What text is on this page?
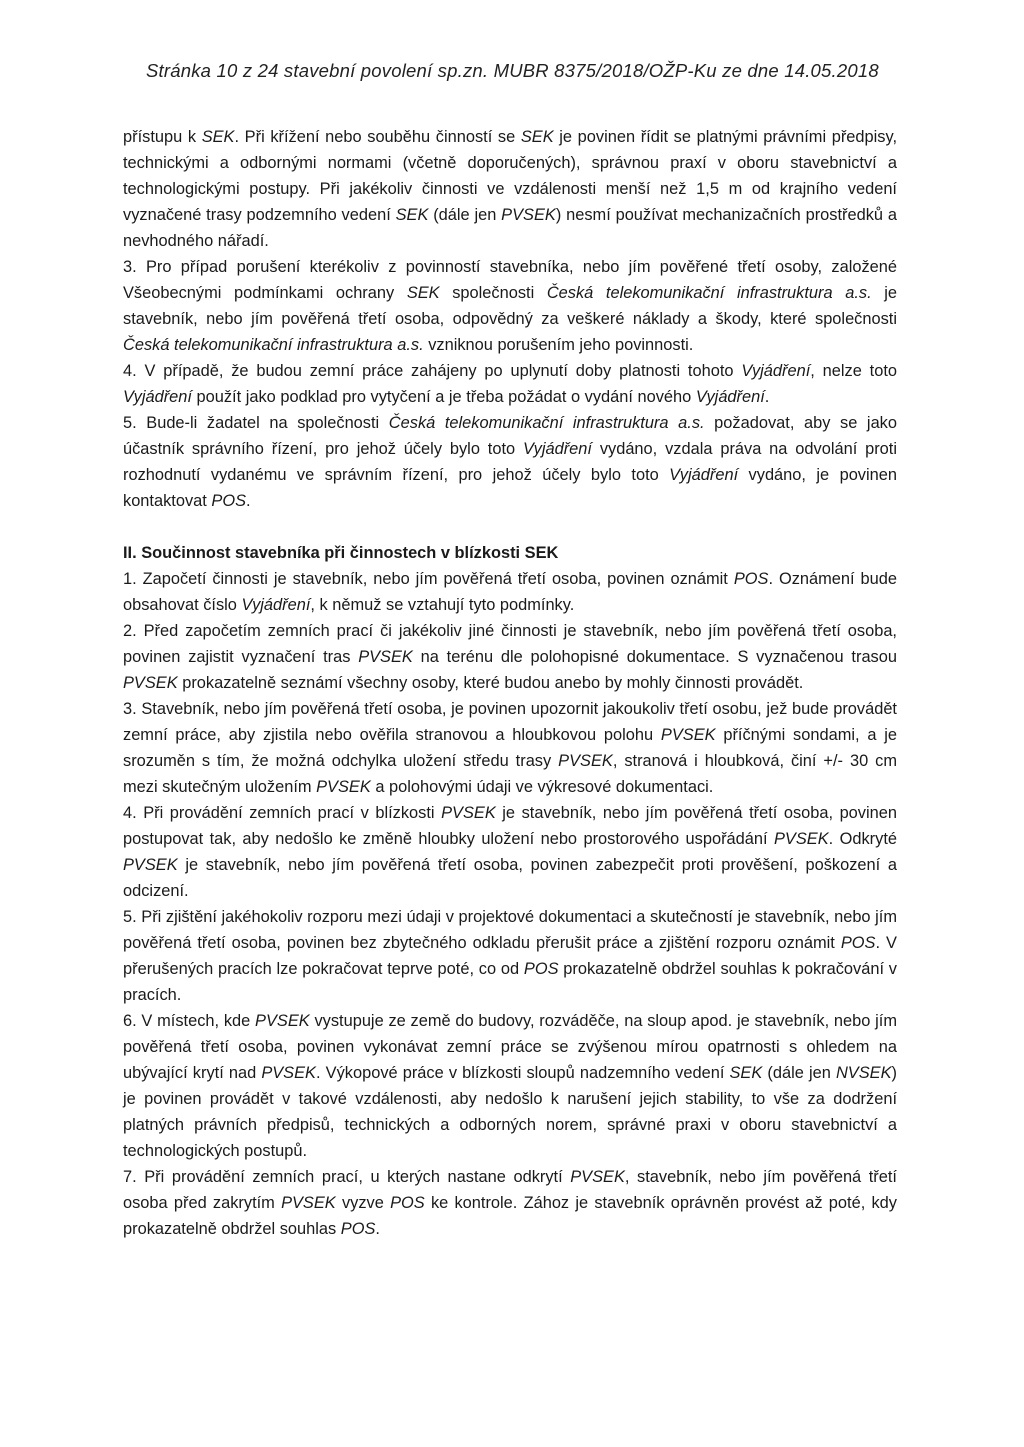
Stránka 10 z 24 stavební povolení sp.zn. MUBR 8375/2018/OŽP-Ku ze dne 14.05.2018

přístupu k SEK. Při křížení nebo souběhu činností se SEK je povinen řídit se platnými právními předpisy, technickými a odbornými normami (včetně doporučených), správnou praxí v oboru stavebnictví a technologickými postupy. Při jakékoliv činnosti ve vzdálenosti menší než 1,5 m od krajního vedení vyznačené trasy podzemního vedení SEK (dále jen PVSEK) nesmí používat mechanizačních prostředků a nevhodného nářadí.

3. Pro případ porušení kterékoliv z povinností stavebníka, nebo jím pověřené třetí osoby, založené Všeobecnými podmínkami ochrany SEK společnosti Česká telekomunikační infrastruktura a.s. je stavebník, nebo jím pověřená třetí osoba, odpovědný za veškeré náklady a škody, které společnosti Česká telekomunikační infrastruktura a.s. vzniknou porušením jeho povinnosti.

4. V případě, že budou zemní práce zahájeny po uplynutí doby platnosti tohoto Vyjádření, nelze toto Vyjádření použít jako podklad pro vytyčení a je třeba požádat o vydání nového Vyjádření.

5. Bude-li žadatel na společnosti Česká telekomunikační infrastruktura a.s. požadovat, aby se jako účastník správního řízení, pro jehož účely bylo toto Vyjádření vydáno, vzdala práva na odvolání proti rozhodnutí vydanému ve správním řízení, pro jehož účely bylo toto Vyjádření vydáno, je povinen kontaktovat POS.

II. Součinnost stavebníka při činnostech v blízkosti SEK

1. Započetí činnosti je stavebník, nebo jím pověřená třetí osoba, povinen oznámit POS. Oznámení bude obsahovat číslo Vyjádření, k němuž se vztahují tyto podmínky.

2. Před započetím zemních prací či jakékoliv jiné činnosti je stavebník, nebo jím pověřená třetí osoba, povinen zajistit vyznačení tras PVSEK na terénu dle polohopisné dokumentace. S vyznačenou trasou PVSEK prokazatelně seznámí všechny osoby, které budou anebo by mohly činnosti provádět.

3. Stavebník, nebo jím pověřená třetí osoba, je povinen upozornit jakoukoliv třetí osobu, jež bude provádět zemní práce, aby zjistila nebo ověřila stranovou a hloubkovou polohu PVSEK příčnými sondami, a je srozuměn s tím, že možná odchylka uložení středu trasy PVSEK, stranová i hloubková, činí +/- 30 cm mezi skutečným uložením PVSEK a polohovými údaji ve výkresové dokumentaci.

4. Při provádění zemních prací v blízkosti PVSEK je stavebník, nebo jím pověřená třetí osoba, povinen postupovat tak, aby nedošlo ke změně hloubky uložení nebo prostorového uspořádání PVSEK. Odkryté PVSEK je stavebník, nebo jím pověřená třetí osoba, povinen zabezpečit proti prověšení, poškození a odcizení.

5. Při zjištění jakéhokoliv rozporu mezi údaji v projektové dokumentaci a skutečností je stavebník, nebo jím pověřená třetí osoba, povinen bez zbytečného odkladu přerušit práce a zjištění rozporu oznámit POS. V přerušených pracích lze pokračovat teprve poté, co od POS prokazatelně obdržel souhlas k pokračování v pracích.

6. V místech, kde PVSEK vystupuje ze země do budovy, rozváděče, na sloup apod. je stavebník, nebo jím pověřená třetí osoba, povinen vykonávat zemní práce se zvýšenou mírou opatrnosti s ohledem na ubývající krytí nad PVSEK. Výkopové práce v blízkosti sloupů nadzemního vedení SEK (dále jen NVSEK) je povinen provádět v takové vzdálenosti, aby nedošlo k narušení jejich stability, to vše za dodržení platných právních předpisů, technických a odborných norem, správné praxi v oboru stavebnictví a technologických postupů.

7. Při provádění zemních prací, u kterých nastane odkrytí PVSEK, stavebník, nebo jím pověřená třetí osoba před zakrytím PVSEK vyzve POS ke kontrole. Zához je stavebník oprávněn provést až poté, kdy prokazatelně obdržel souhlas POS.
